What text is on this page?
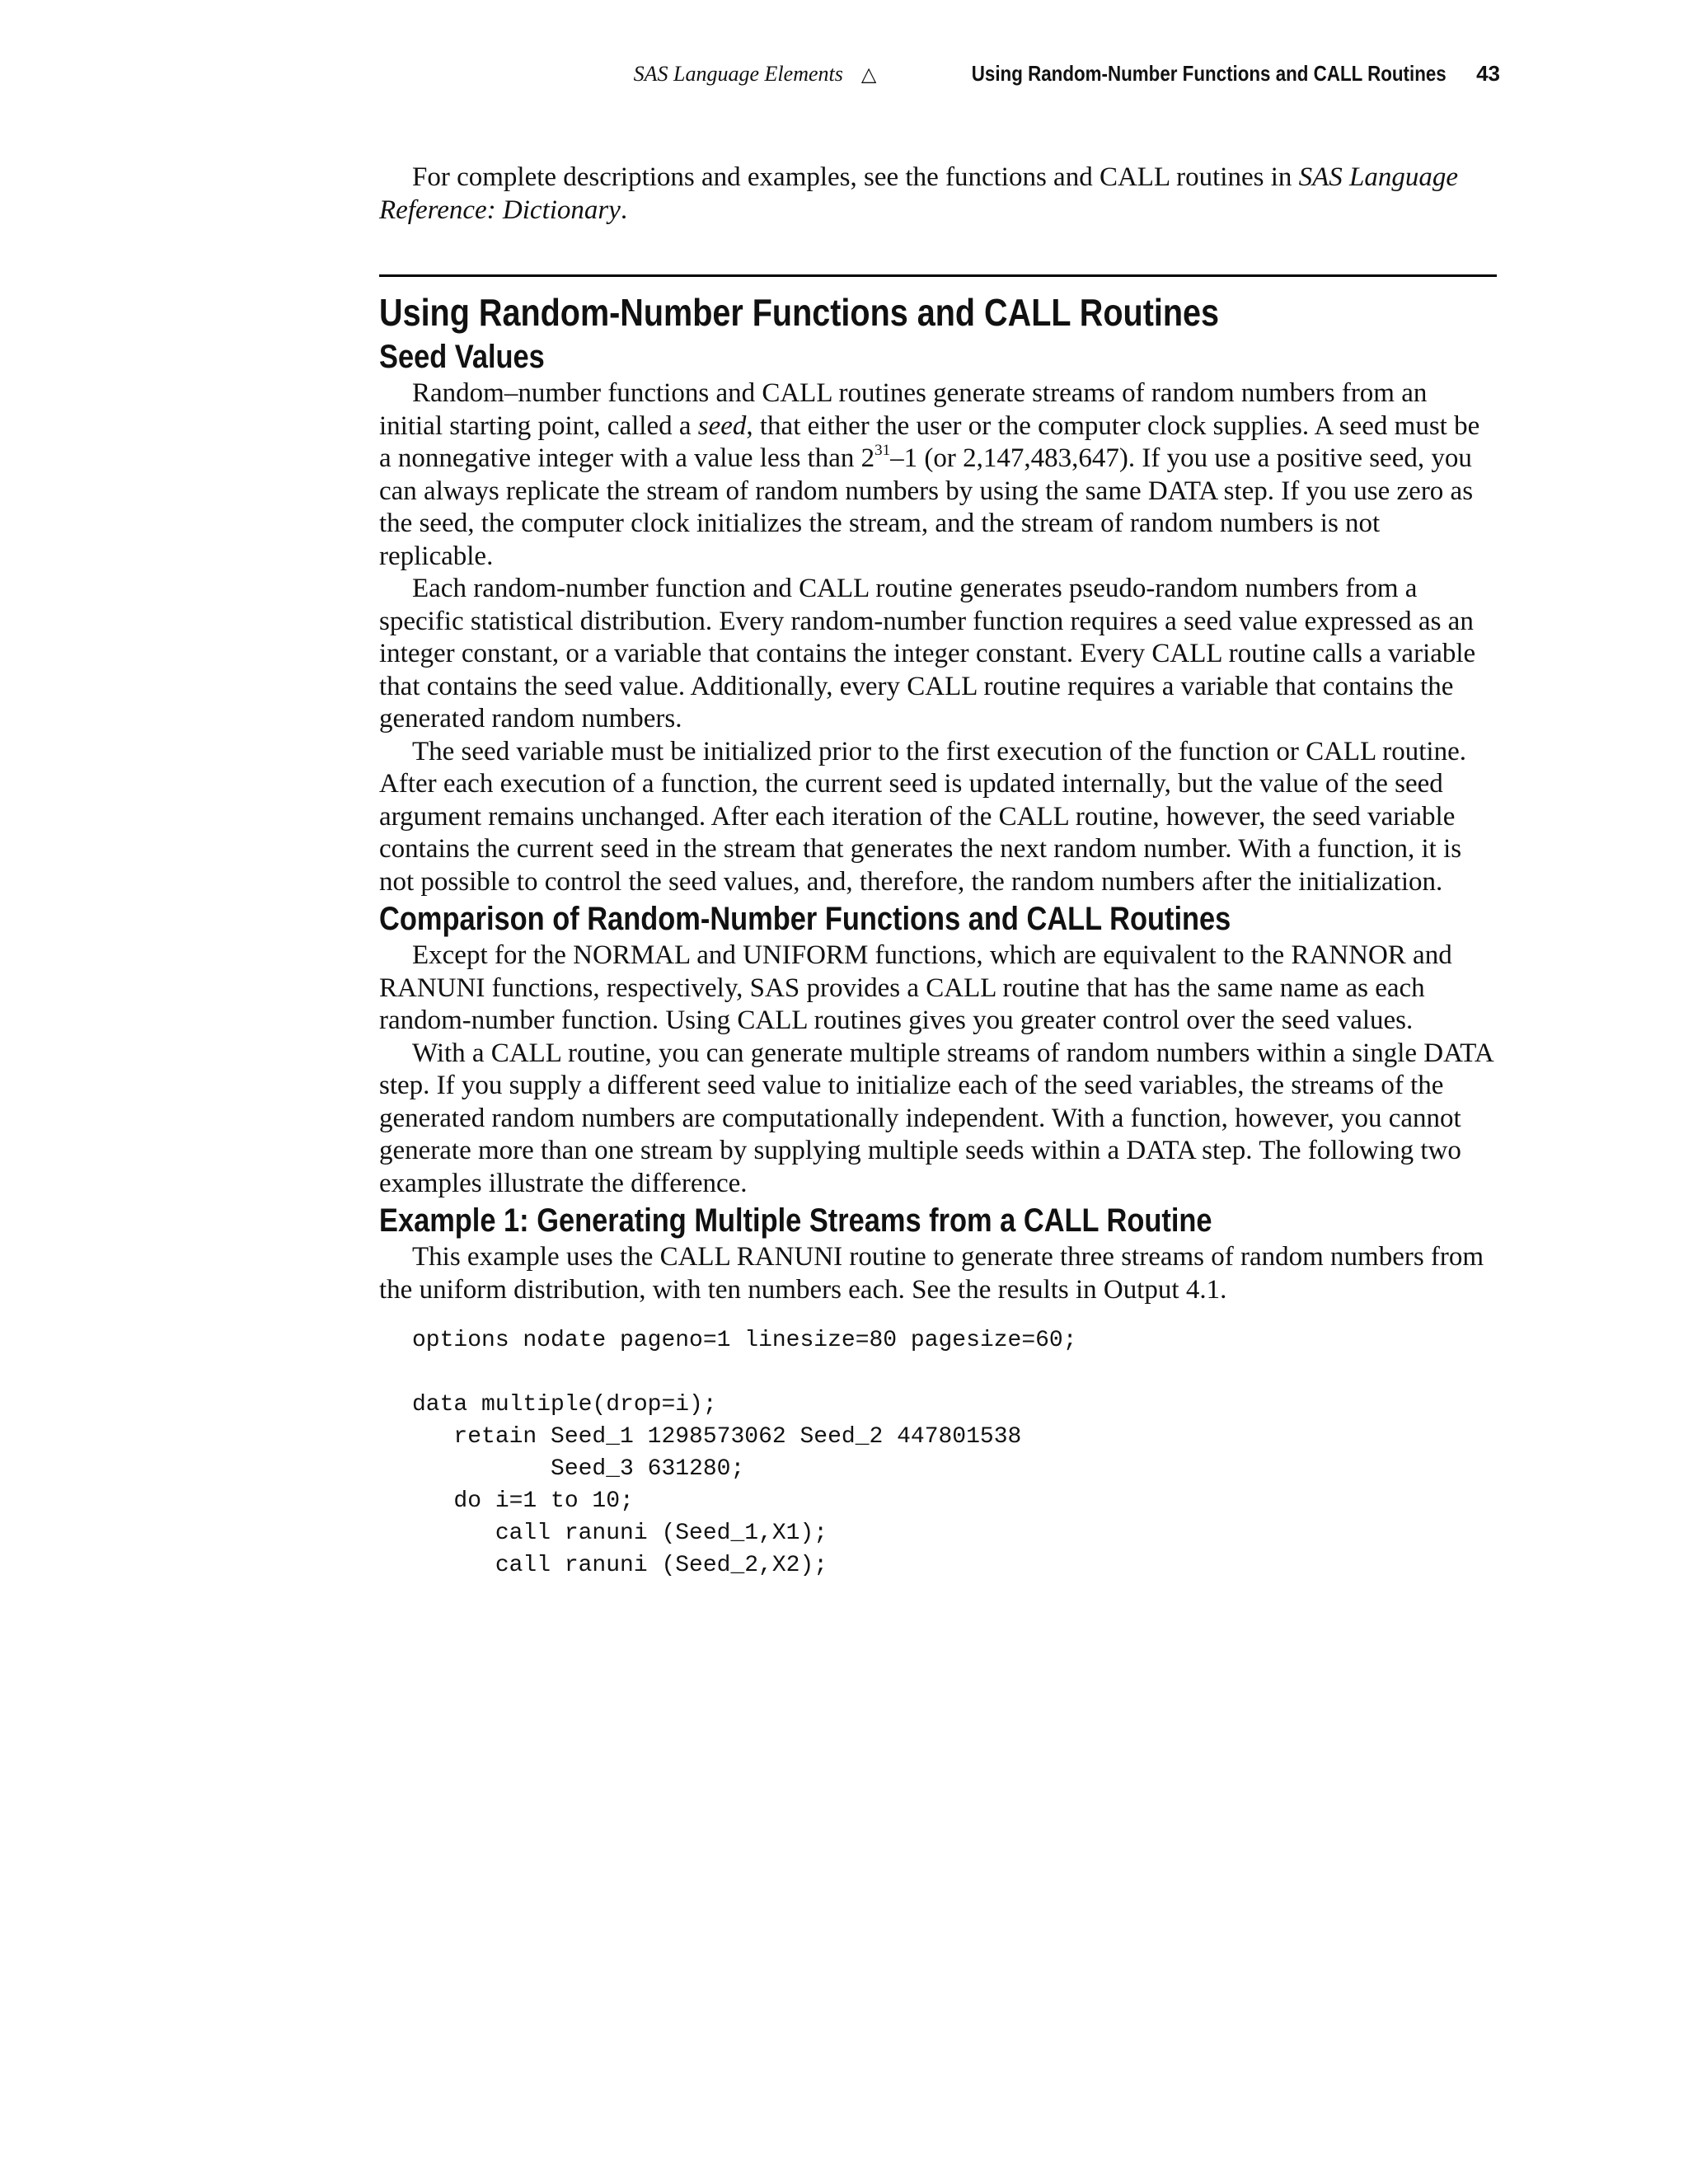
SAS Language Elements △	Using Random-Number Functions and CALL Routines 43

For complete descriptions and examples, see the functions and CALL routines in SAS Language Reference: Dictionary.

Using Random-Number Functions and CALL Routines
Seed Values

Random–number functions and CALL routines generate streams of random numbers from an initial starting point, called a seed, that either the user or the computer clock supplies. A seed must be a nonnegative integer with a value less than $2^{31}-1$ (or 2,147,483,647). If you use a positive seed, you can always replicate the stream of random numbers by using the same DATA step. If you use zero as the seed, the computer clock initializes the stream, and the stream of random numbers is not replicable.

Each random-number function and CALL routine generates pseudo-random numbers from a specific statistical distribution. Every random-number function requires a seed value expressed as an integer constant, or a variable that contains the integer constant. Every CALL routine calls a variable that contains the seed value. Additionally, every CALL routine requires a variable that contains the generated random numbers.

The seed variable must be initialized prior to the first execution of the function or CALL routine. After each execution of a function, the current seed is updated internally, but the value of the seed argument remains unchanged. After each iteration of the CALL routine, however, the seed variable contains the current seed in the stream that generates the next random number. With a function, it is not possible to control the seed values, and, therefore, the random numbers after the initialization.

Comparison of Random-Number Functions and CALL Routines

Except for the NORMAL and UNIFORM functions, which are equivalent to the RANNOR and RANUNI functions, respectively, SAS provides a CALL routine that has the same name as each random-number function. Using CALL routines gives you greater control over the seed values.

With a CALL routine, you can generate multiple streams of random numbers within a single DATA step. If you supply a different seed value to initialize each of the seed variables, the streams of the generated random numbers are computationally independent. With a function, however, you cannot generate more than one stream by supplying multiple seeds within a DATA step. The following two examples illustrate the difference.

Example 1: Generating Multiple Streams from a CALL Routine

This example uses the CALL RANUNI routine to generate three streams of random numbers from the uniform distribution, with ten numbers each. See the results in Output 4.1.

options nodate pageno=1 linesize=80 pagesize=60;

data multiple(drop=i);
retain Seed_1 1298573062 Seed_2 447801538
Seed_3 631280;
do i=1 to 10;
call ranuni (Seed_1,X1);
call ranuni (Seed_2,X2);
